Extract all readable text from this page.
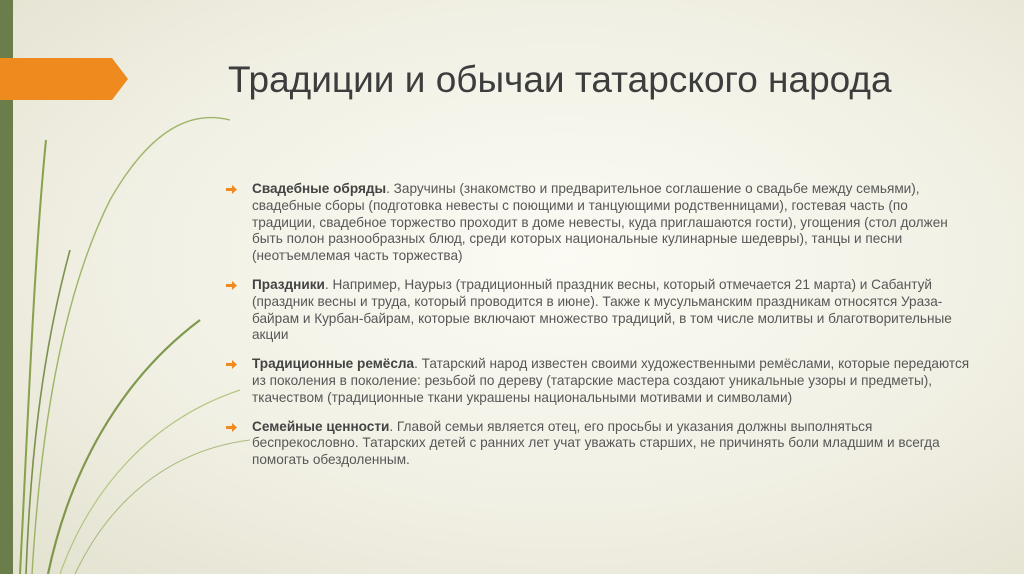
Традиции и обычаи татарского народа
Свадебные обряды. Заручины (знакомство и предварительное соглашение о свадьбе между семьями), свадебные сборы (подготовка невесты с поющими и танцующими родственницами), гостевая часть (по традиции, свадебное торжество проходит в доме невесты, куда приглашаются гости), угощения (стол должен быть полон разнообразных блюд, среди которых национальные кулинарные шедевры), танцы и песни (неотъемлемая часть торжества)
Праздники. Например, Наурыз (традиционный праздник весны, который отмечается 21 марта) и Сабантуй (праздник весны и труда, который проводится в июне). Также к мусульманским праздникам относятся Ураза-байрам и Курбан-байрам, которые включают множество традиций, в том числе молитвы и благотворительные акции
Традиционные ремёсла. Татарский народ известен своими художественными ремёслами, которые передаются из поколения в поколение: резьбой по дереву (татарские мастера создают уникальные узоры и предметы), ткачеством (традиционные ткани украшены национальными мотивами и символами)
Семейные ценности. Главой семьи является отец, его просьбы и указания должны выполняться беспрекословно. Татарских детей с ранних лет учат уважать старших, не причинять боли младшим и всегда помогать обездоленным.
